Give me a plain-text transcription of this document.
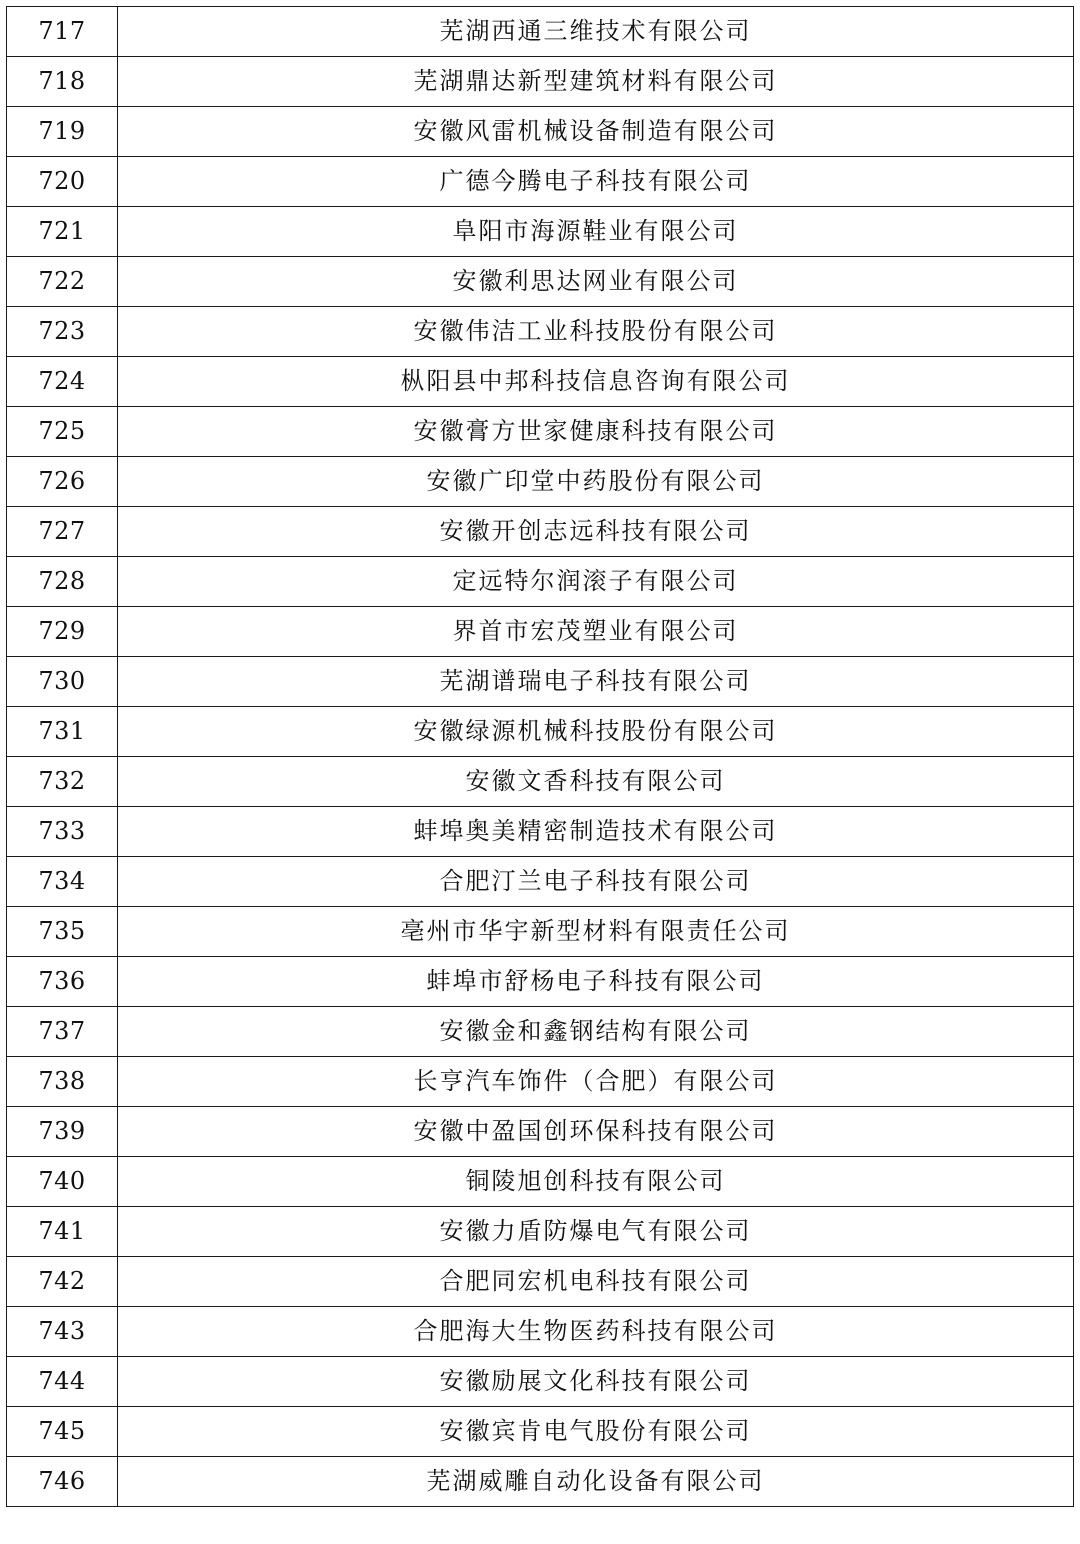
717	芜湖西通三维技术有限公司
718	芜湖鼎达新型建筑材料有限公司
719	安徽风雷机械设备制造有限公司
720	广德今腾电子科技有限公司
721	阜阳市海源鞋业有限公司
722	安徽利思达网业有限公司
723	安徽伟洁工业科技股份有限公司
724	枞阳县中邦科技信息咨询有限公司
725	安徽膏方世家健康科技有限公司
726	安徽广印堂中药股份有限公司
727	安徽开创志远科技有限公司
728	定远特尔润滚子有限公司
729	界首市宏茂塑业有限公司
730	芜湖谱瑞电子科技有限公司
731	安徽绿源机械科技股份有限公司
732	安徽文香科技有限公司
733	蚌埠奥美精密制造技术有限公司
734	合肥汀兰电子科技有限公司
735	亳州市华宇新型材料有限责任公司
736	蚌埠市舒杨电子科技有限公司
737	安徽金和鑫钢结构有限公司
738	长亨汽车饰件（合肥）有限公司
739	安徽中盈国创环保科技有限公司
740	铜陵旭创科技有限公司
741	安徽力盾防爆电气有限公司
742	合肥同宏机电科技有限公司
743	合肥海大生物医药科技有限公司
744	安徽励展文化科技有限公司
745	安徽宾肯电气股份有限公司
746	芜湖威雕自动化设备有限公司
